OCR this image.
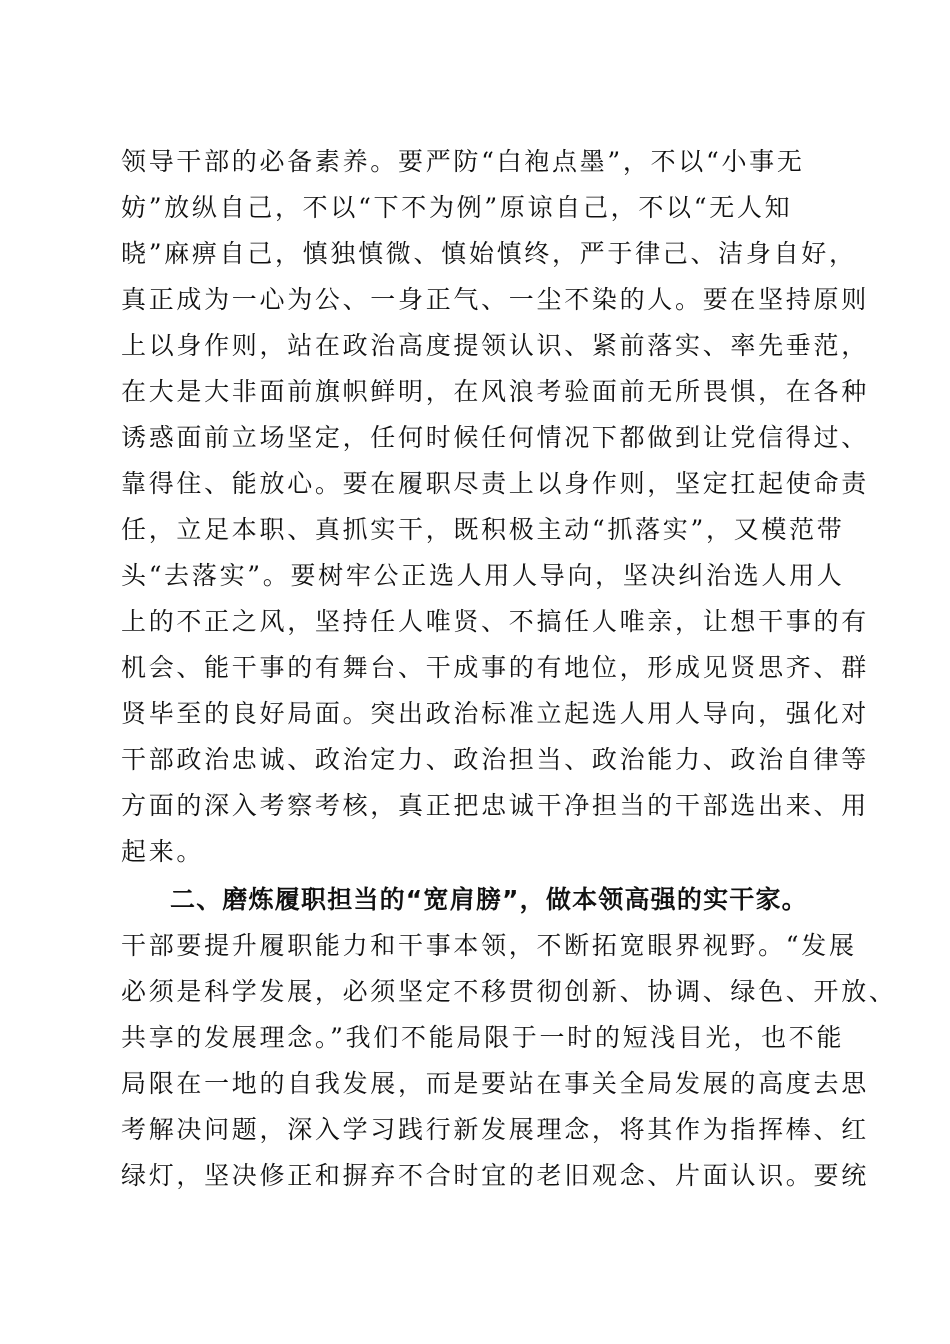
领导干部的必备素养。要严防“白袍点墨”，不以“小事无
妨”放纵自己，不以“下不为例”原谅自己，不以“无人知
晓”麻痹自己，慎独慎微、慎始慎终，严于律己、洁身自好，
真正成为一心为公、一身正气、一尘不染的人。要在坚持原则
上以身作则，站在政治高度提领认识、紧前落实、率先垂范，
在大是大非面前旗帜鲜明，在风浪考验面前无所畏惧，在各种
诱惑面前立场坚定，任何时候任何情况下都做到让党信得过、
靠得住、能放心。要在履职尽责上以身作则，坚定扛起使命责
任，立足本职、真抓实干，既积极主动“抓落实”，又模范带
头“去落实”。要树牢公正选人用人导向，坚决纠治选人用人
上的不正之风，坚持任人唯贤、不搞任人唯亲，让想干事的有
机会、能干事的有舞台、干成事的有地位，形成见贤思齐、群
贤毕至的良好局面。突出政治标准立起选人用人导向，强化对
干部政治忠诚、政治定力、政治担当、政治能力、政治自律等
方面的深入考察考核，真正把忠诚干净担当的干部选出来、用
起来。
二、磨炼履职担当的“宽肩膀”，做本领高强的实干家。
干部要提升履职能力和干事本领，不断拓宽眼界视野。“发展
必须是科学发展，必须坚定不移贯彻创新、协调、绿色、开放、
共享的发展理念。”我们不能局限于一时的短浅目光，也不能
局限在一地的自我发展，而是要站在事关全局发展的高度去思
考解决问题，深入学习践行新发展理念，将其作为指挥棒、红
绿灯，坚决修正和摒弃不合时宜的老旧观念、片面认识。要统
